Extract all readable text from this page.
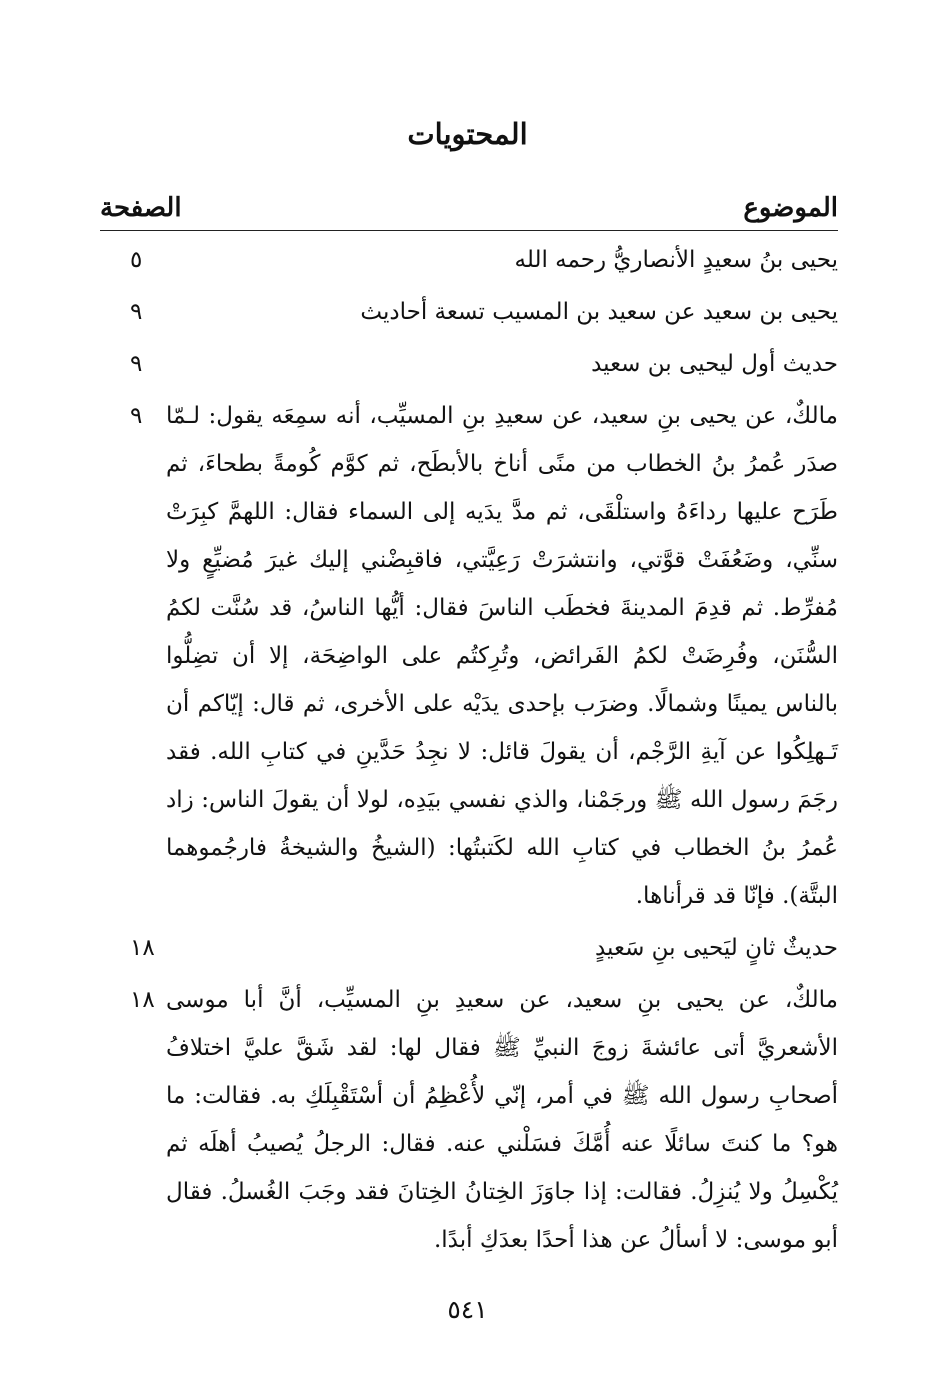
المحتويات
الموضوع
الصفحة
يحيى بنُ سعيدٍ الأنصاريُّ رحمه الله
٥
يحيى بن سعيد عن سعيد بن المسيب تسعة أحاديث
٩
حديث أول ليحيى بن سعيد
٩
مالكٌ، عن يحيى بنِ سعيد، عن سعيدِ بنِ المسيِّب، أنه سمِعَه يقول: لـمّا صدَر عُمرُ بنُ الخطاب من منًى أناخ بالأبطَح، ثم كوَّم كُومةً بطحاءَ، ثم طَرَح عليها رداءَهُ واستلْقَى، ثم مدَّ يدَيه إلى السماء فقال: اللهمَّ كبِرَتْ سنِّي، وضَعُفَتْ قوَّتي، وانتشرَتْ رَعِيَّتي، فاقبِضْني إليك غيرَ مُضيِّعٍ ولا مُفرِّط. ثم قدِمَ المدينةَ فخطَب الناسَ فقال: أيُّها الناسُ، قد سُنَّت لكمُ السُّنَن، وفُرِضَتْ لكمُ الفَرائض، وتُرِكتُم على الواضِحَة، إلا أن تضِلُّوا بالناس يمينًا وشمالًا. وضرَب بإحدى يدَيْه على الأخرى، ثم قال: إيّاكم أن تَـهلِكُوا عن آيةِ الرَّجْم، أن يقولَ قائل: لا نجِدُ حَدَّينِ في كتابِ الله. فقد رجَمَ رسول الله ﷺ ورجَمْنا، والذي نفسي بيَدِه، لولا أن يقولَ الناس: زاد عُمرُ بنُ الخطاب في كتابِ الله لكَتبتُها: (الشيخُ والشيخةُ فارجُموهما البتَّة). فإنّا قد قرأناها.
٩
حديثٌ ثانٍ ليَحيى بنِ سَعيدٍ
١٨
مالكٌ، عن يحيى بنِ سعيد، عن سعيدِ بنِ المسيِّب، أنَّ أبا موسى الأشعريَّ أتى عائشةَ زوجَ النبيِّ ﷺ فقال لها: لقد شَقَّ عليَّ اختلافُ أصحابِ رسول الله ﷺ في أمر، إنّي لأُعْظِمُ أن أسْتَقْبِلَكِ به. فقالت: ما هو؟ ما كنتَ سائلًا عنه أُمَّكَ فسَلْني عنه. فقال: الرجلُ يُصيبُ أهلَه ثم يُكْسِلُ ولا يُنزِلُ. فقالت: إذا جاوَزَ الخِتانُ الخِتانَ فقد وجَبَ الغُسلُ. فقال أبو موسى: لا أسألُ عن هذا أحدًا بعدَكِ أبدًا.
١٨
٥٤١
